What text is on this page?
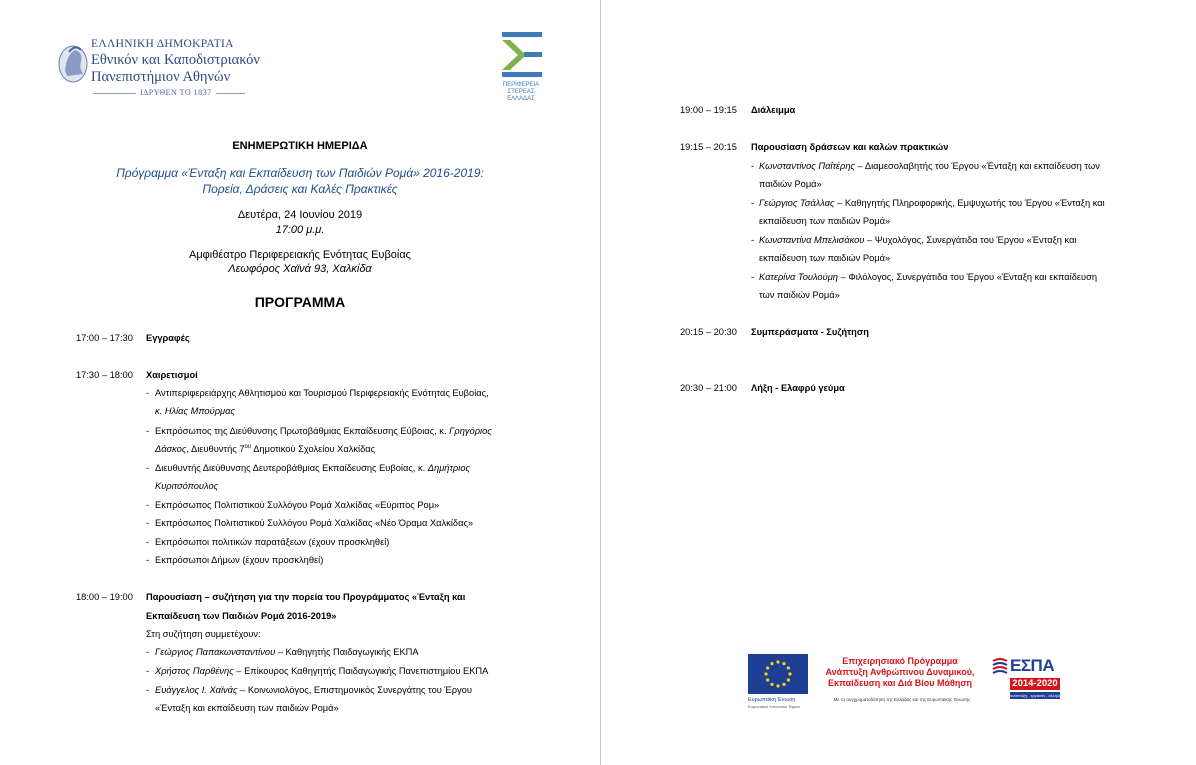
ΕΛΛΗΝΙΚΗ ΔΗΜΟΚΡΑΤΙΑ
Εθνικόν και Καποδιστριακόν
Πανεπιστήμιον Αθηνών
ΙΔΡΥΘΕΝ ΤΟ 1837
ΠΕΡΙΦΕΡΕΙΑ
ΣΤΕΡΕΑΣ
ΕΛΛΑΔΑΣ
ΕΝΗΜΕΡΩΤΙΚΗ ΗΜΕΡΙΔΑ
Πρόγραμμα «Ένταξη και Εκπαίδευση των Παιδιών Ρομά» 2016-2019:
Πορεία, Δράσεις και Καλές Πρακτικές
Δευτέρα, 24 Ιουνίου 2019
17:00 μ.μ.
Αμφιθέατρο Περιφερειακής Ενότητας Ευβοίας
Λεωφόρος Χαϊνά 93, Χαλκίδα
ΠΡΟΓΡΑΜΜΑ
17:00 – 17:30 Εγγραφές
17:30 – 18:00 Χαιρετισμοί
- Αντιπεριφερειάρχης Αθλητισμού και Τουρισμού Περιφερειακής Ενότητας Ευβοίας,
κ. Ηλίας Μπούρμας
- Εκπρόσωπος της Διεύθυνσης Πρωτοβάθμιας Εκπαίδευσης Εύβοιας, κ. Γρηγόριος
Δάσκος, Διευθυντής $7^{o\upsilon}$ Δημοτικού Σχολείου Χαλκίδας
- Διευθυντής Διεύθυνσης Δευτεροβάθμιας Εκπαίδευσης Ευβοίας, κ. Δημήτριος
Κυριτσόπουλος
- Εκπρόσωπος Πολιτιστικού Συλλόγου Ρομά Χαλκίδας «Εύριπος Ρομ»
- Εκπρόσωπος Πολιτιστικού Συλλόγου Ρομά Χαλκίδας «Νέο Όραμα Χαλκίδας»
- Εκπρόσωποι πολιτικών παρατάξεων (έχουν προσκληθεί)
- Εκπρόσωποι Δήμων (έχουν προσκληθεί)
18:00 – 19:00 Παρουσίαση – συζήτηση για την πορεία του Προγράμματος «Ένταξη και
Εκπαίδευση των Παιδιών Ρομά 2016-2019»
Στη συζήτηση συμμετέχουν:
- Γεώργιος Παπακωνσταντίνου – Καθηγητής Παιδαγωγικής ΕΚΠΑ
- Χρήστος Παρθένης – Επίκουρος Καθηγητής Παιδαγωγικής Πανεπιστημίου ΕΚΠΑ
- Ευάγγελος Ι. Χαϊνάς – Κοινωνιολόγος, Επιστημονικός Συνεργάτης του Έργου
«Ένταξη και εκπαίδευση των παιδιών Ρομά»
19:00 – 19:15 Διάλειμμα
19:15 – 20:15 Παρουσίαση δράσεων και καλών πρακτικών
- Κωνσταντίνος Παΐτέρης – Διαμεσολαβητής του Έργου «Ένταξη και εκπαίδευση των
παιδιών Ρομά»
- Γεώργιος Τσάλλας – Καθηγητής Πληροφορικής, Εμψυχωτής του Έργου «Ένταξη και
εκπαίδευση των παιδιών Ρομά»
- Κωνσταντίνα Μπελισάκου – Ψυχολόγος, Συνεργάτιδα του Έργου «Ένταξη και
εκπαίδευση των παιδιών Ρομά»
- Κατερίνα Τουλούμη – Φιλόλογος, Συνεργάτιδα του Έργου «Ένταξη και εκπαίδευση
των παιδιών Ρομά»
20:15 – 20:30 Συμπεράσματα - Συζήτηση
20:30 – 21:00 Λήξη - Ελαφρύ γεύμα
Ευρωπαϊκή Ένωση
Ευρωπαϊκό Κοινωνικό Ταμείο
Επιχειρησιακό Πρόγραμμα
Ανάπτυξη Ανθρώπινου Δυναμικού,
Εκπαίδευση και Διά Βίου Μάθηση
Με τη συγχρηματοδότηση της Ελλάδας και της Ευρωπαϊκής Ένωσης
ΕΣΠΑ
2014-2020
ανάπτυξη - εργασία - αλληλεγγύη
